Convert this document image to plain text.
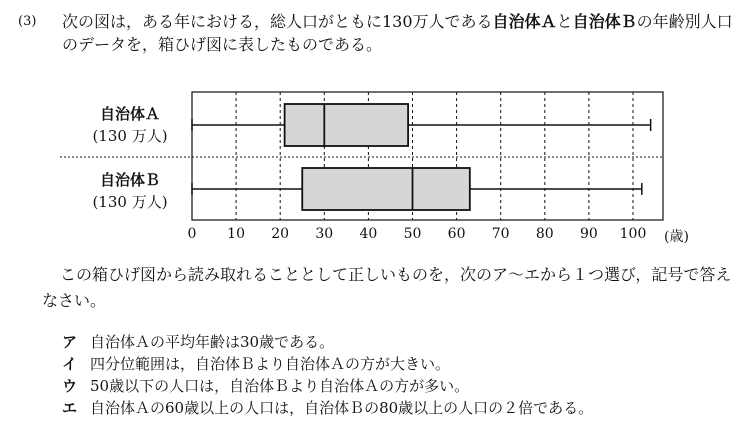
(3) 次の図は，ある年における，総人口がともに130万人である自治体Ａと自治体Ｂの年齢別人口のデータを，箱ひげ図に表したものである。
自治体Ａ
(130 万人)
自治体Ｂ
(130 万人)
0	10	20	30	40	50	60	70	80	90	100	(歳)
この箱ひげ図から読み取れることとして正しいものを，次のア〜エから１つ選び，記号で答えなさい。
ア 自治体Ａの平均年齢は30歳である。
イ 四分位範囲は，自治体Ｂより自治体Ａの方が大きい。
ウ 50歳以下の人口は，自治体Ｂより自治体Ａの方が多い。
エ 自治体Ａの60歳以上の人口は，自治体Ｂの80歳以上の人口の２倍である。
